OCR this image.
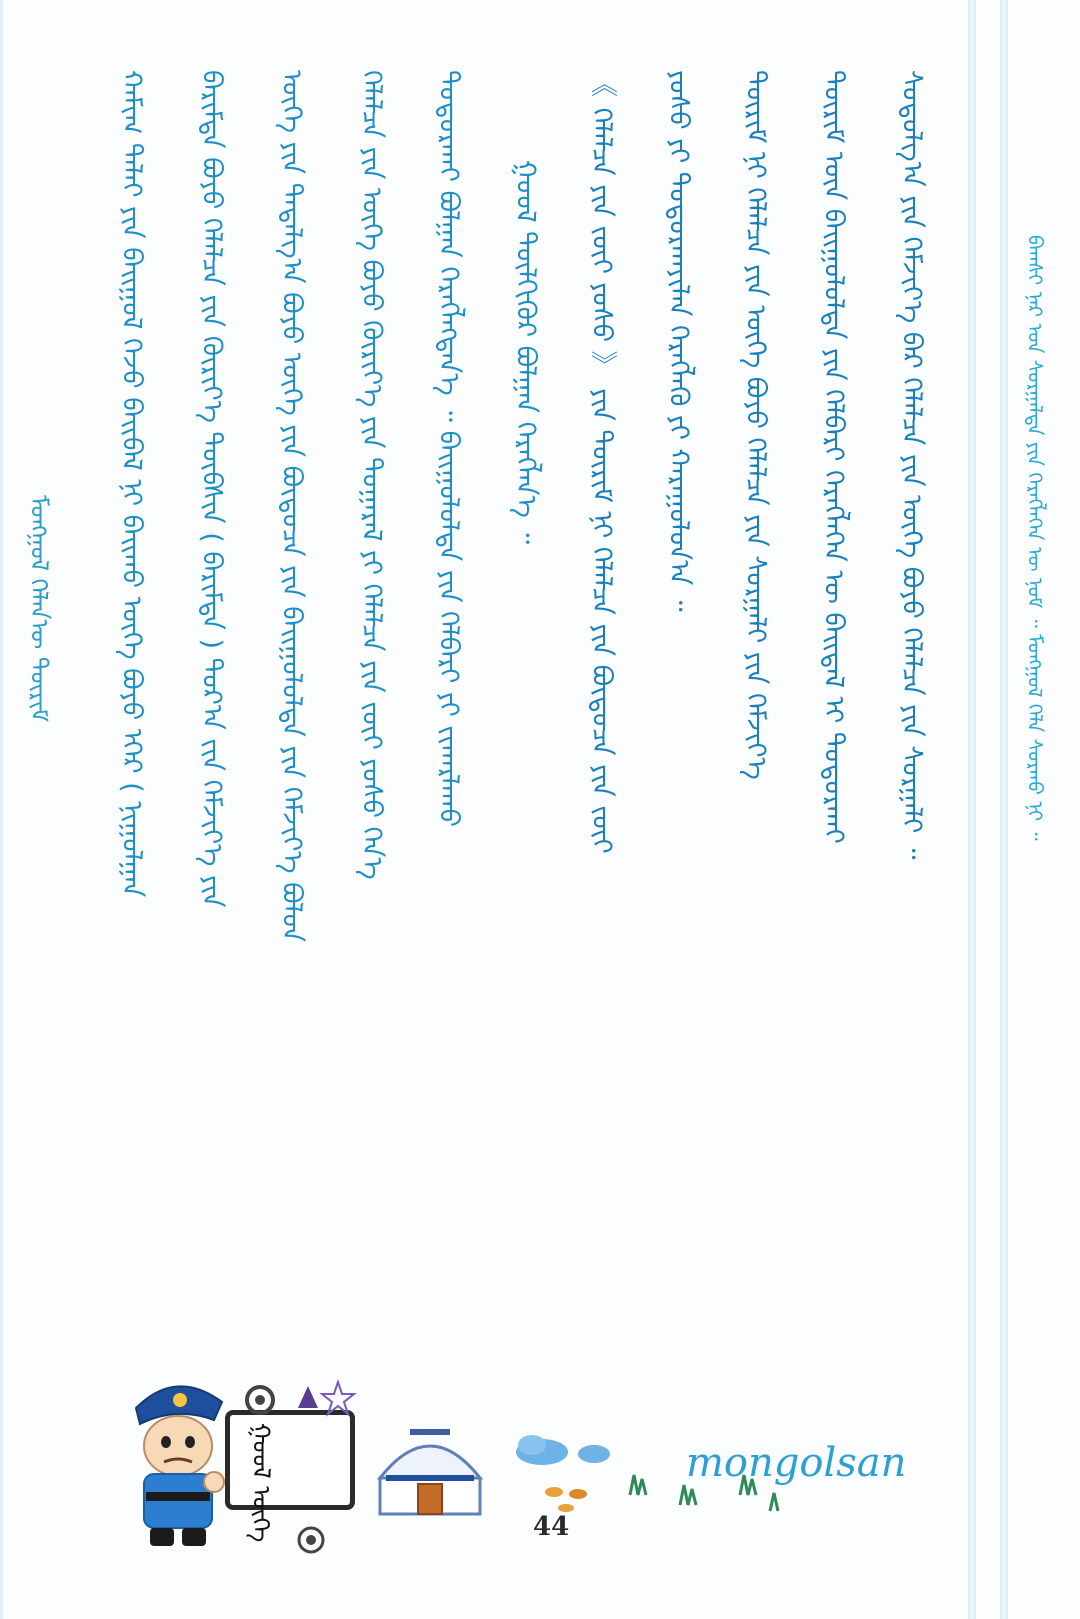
ᠮᠣᠩᠭᠣᠯ ᠬᠡᠯᠡᠨ᠎ᠦ ᠳᠦᠷᠢᠮ ᠬᠠᠮᠢᠭ ᠳᠠᠯᠠᠢ ᠶᠢᠨ ᠪᠠᠢᠭᠤᠯ ᠭᠡᠵᠦ ᠪᠠᠢᠪᠠᠯ ᠨᠢ ᠪᠠᠢᠬᠤ ᠥᠭᠡ ᠪᠤᠶᠤ ᠡᠭᠡᠷ ( ᠨᠢᠭᠤᠯᠭᠠᠨ ᠪᠠᠷᠢᠮᠲᠠ ᠪᠤᠶᠤ ᠬᠡᠯᠡᠯᠴᠡ ᠶᠢᠨ ᠬᠦᠷᠢᠶ᠎ᠡ ᠲᠦᠪᠰᠢᠨ ( ᠪᠠᠷᠢᠮᠲᠠ ) ᠳᠤᠷ᠎ᠠ ᠵᠢᠨ ᠬᠡᠮᠵᠢᠶ᠎ᠡ ᠶᠢᠨ ᠦᠭᠡ ᠶᠢᠨ ᠲᠠᠲᠠᠯᠭ᠎ᠠ ᠪᠤᠶᠤ ᠦᠭᠡ ᠶᠢᠨ ᠪᠦᠲᠦᠴᠡ ᠶᠢᠨ ᠪᠠᠢᠭᠤᠯᠤᠯᠲᠠ ᠶᠢᠨ ᠬᠡᠮᠵᠢᠶ᠎ᠡ ᠪᠤᠯᠤᠨ ᠬᠡᠯᠡᠯᠴᠡ ᠶᠢᠨ ᠦᠭᠡ ᠪᠤᠶᠤ ᠬᠦᠷᠢᠶ᠎ᠡ ᠶᠢᠨ ᠳᠤᠭᠠᠷᠠᠯ ᠶᠢ ᠬᠡᠯᠡᠯᠴᠡ ᠶᠢᠨ ᠵᠦᠢ ᠶᠤᠰᠤ ᠭᠡᠨ᠎ᠡ ᠲᠣᠳᠣᠷᠬᠠᠶ ᠪᠣᠯᠭᠠᠨ ᠬᠡᠷᠡᠭᠯᠡᠭᠳᠡᠨ᠎ᠡ ᠃ ᠪᠠᠢᠭᠤᠯᠤᠯᠲᠠ ᠶᠢᠨ ᠬᠡᠯᠪᠡᠷᠢ ᠶᠢ ᠵᠢᠬᠠᠷᠯᠠᠬᠤ ᠭᠣᠣᠯ ᠲᠦᠯᠬᠢᠭᠦᠷ ᠪᠣᠯᠭᠠᠨ ᠬᠡᠷᠡᠭᠯᠡᠨ᠎ᠡ ᠃ 《 ᠬᠡᠯᠡᠯᠴᠡ ᠶᠢᠨ ᠵᠦᠢ ᠶᠤᠰᠤ 》 ᠶᠢᠨ ᠳᠦᠷᠢᠮ ᠨᠢ ᠬᠡᠯᠡᠯᠴᠡ ᠶᠢᠨ ᠪᠦᠲᠦᠴᠡ ᠶᠢᠨ ᠵᠦᠢ ᠶᠤᠰᠤ ᠶᠢ ᠲᠣᠳᠣᠷᠬᠠᠶᠢᠯᠠᠨ ᠬᠡᠷᠡᠭᠯᠡᠬᠦ ᠶᠢ ᠬᠠᠷᠠᠭᠤᠯᠤᠨ᠎ᠠ ᠃ ᠳᠦᠷᠢᠮ ᠨᠢ ᠬᠡᠯᠡᠯᠴᠡ ᠶᠢᠨ ᠦᠭᠡ ᠪᠤᠶᠤ ᠬᠡᠯᠡᠯᠴᠡ ᠶᠢᠨ ᠰᠤᠷᠭᠠᠯᠢ ᠶᠢᠨ ᠬᠡᠮᠵᠢᠶ᠎ᠡ ᠳᠦᠷᠢᠮ ᠦᠨ ᠪᠠᠢᠭᠤᠯᠤᠯᠲᠠ ᠶᠢᠨ ᠬᠡᠯᠪᠡᠷᠢ ᠬᠡᠷᠡᠭᠯᠡᠭᠡᠨ ᠦ ᠪᠠᠢᠳᠠᠯ ᠢ ᠲᠣᠳᠣᠷᠬᠠᠶ ᠰᠣᠳᠣᠯᠭ᠎ᠠ ᠶᠢᠨ ᠬᠡᠮᠵᠢᠶ᠎ᠡ ᠪᠠᠷ ᠬᠡᠯᠡᠯᠴᠡ ᠶᠢᠨ ᠦᠭᠡ ᠪᠤᠶᠤ ᠬᠡᠯᠡᠯᠴᠡ ᠶᠢᠨ ᠰᠤᠷᠭᠠᠯᠢ ᠃	ᠪᠠᠭᠰᠢ ᠨᠠᠷ ᠤᠨ ᠰᠤᠷᠭᠠᠯᠲᠠ ᠶᠢᠨ ᠬᠡᠷᠡᠭᠯᠡᠭᠡᠨ ᠦ ᠨᠣᠮ ᠃ ᠮᠣᠩᠭᠣᠯ ᠬᠡᠯᠡ ᠰᠤᠷᠬᠤ ᠨᠢ ᠃
ᠭᠣᠣᠯ ᠦᠭᠡ	44
mongolsan
